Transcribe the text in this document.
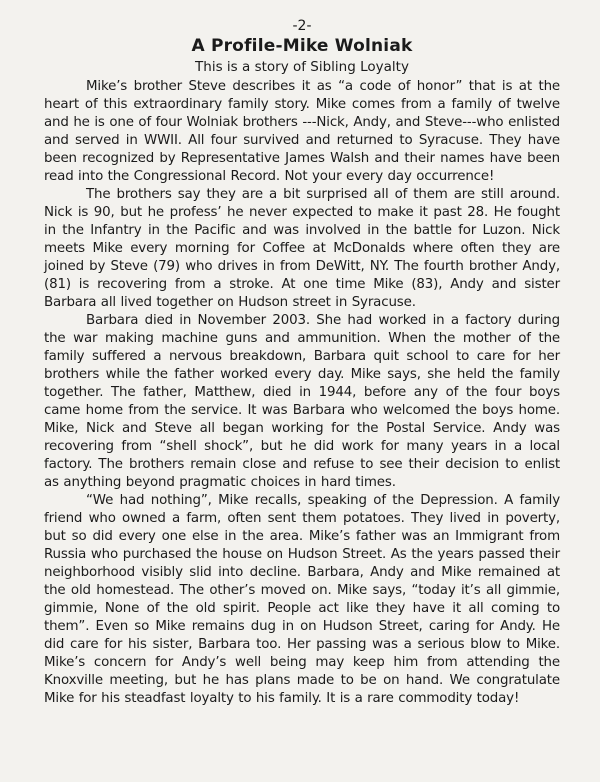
-2-
A Profile-Mike Wolniak
This is a story of Sibling Loyalty

Mike’s brother Steve describes it as “a code of honor” that is at the heart of this extraordinary family story. Mike comes from a family of twelve and he is one of four Wolniak brothers ---Nick, Andy, and Steve---who enlisted and served in WWII. All four survived and returned to Syracuse. They have been recognized by Representative James Walsh and their names have been read into the Congressional Record. Not your every day occurrence!

The brothers say they are a bit surprised all of them are still around. Nick is 90, but he profess’ he never expected to make it past 28. He fought in the Infantry in the Pacific and was involved in the battle for Luzon. Nick meets Mike every morning for Coffee at McDonalds where often they are joined by Steve (79) who drives in from DeWitt, NY. The fourth brother Andy, (81) is recovering from a stroke. At one time Mike (83), Andy and sister Barbara all lived together on Hudson street in Syracuse.

Barbara died in November 2003. She had worked in a factory during the war making machine guns and ammunition. When the mother of the family suffered a nervous breakdown, Barbara quit school to care for her brothers while the father worked every day. Mike says, she held the family together. The father, Matthew, died in 1944, before any of the four boys came home from the service. It was Barbara who welcomed the boys home. Mike, Nick and Steve all began working for the Postal Service. Andy was recovering from “shell shock”, but he did work for many years in a local factory. The brothers remain close and refuse to see their decision to enlist as anything beyond pragmatic choices in hard times.

“We had nothing”, Mike recalls, speaking of the Depression. A family friend who owned a farm, often sent them potatoes. They lived in poverty, but so did every one else in the area. Mike’s father was an Immigrant from Russia who purchased the house on Hudson Street. As the years passed their neighborhood visibly slid into decline. Barbara, Andy and Mike remained at the old homestead. The other’s moved on. Mike says, “today it’s all gimmie, gimmie, None of the old spirit. People act like they have it all coming to them”. Even so Mike remains dug in on Hudson Street, caring for Andy. He did care for his sister, Barbara too. Her passing was a serious blow to Mike. Mike’s concern for Andy’s well being may keep him from attending the Knoxville meeting, but he has plans made to be on hand. We congratulate Mike for his steadfast loyalty to his family. It is a rare commodity today!
